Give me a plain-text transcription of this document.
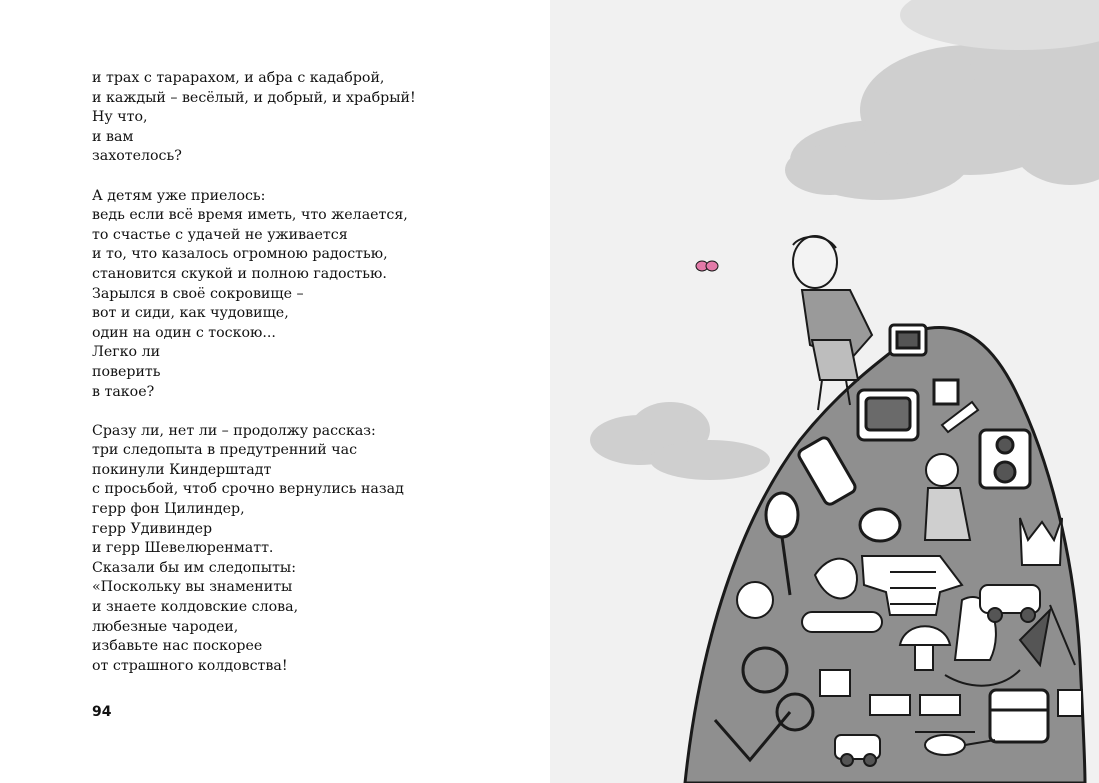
и трах с тарарахом, и абра с кадаброй,
и каждый – весёлый, и добрый, и храбрый!
Ну что,
и вам
захотелось?
А детям уже приелось:
ведь если всё время иметь, что желается,
то счастье с удачей не уживается
и то, что казалось огромною радостью,
становится скукой и полною гадостью.
Зарылся в своё сокровище –
вот и сиди, как чудовище,
один на один с тоскою...
Легко ли
поверить
в такое?
Сразу ли, нет ли – продолжу рассказ:
три следопыта в предутренний час
покинули Киндерштадт
с просьбой, чтоб срочно вернулись назад
герр фон Цилиндер,
герр Удивиндер
и герр Шевелюренматт.
Сказали бы им следопыты:
«Поскольку вы знамениты
и знаете колдовские слова,
любезные чародеи,
избавьте нас поскорее
от страшного колдовства!
94
